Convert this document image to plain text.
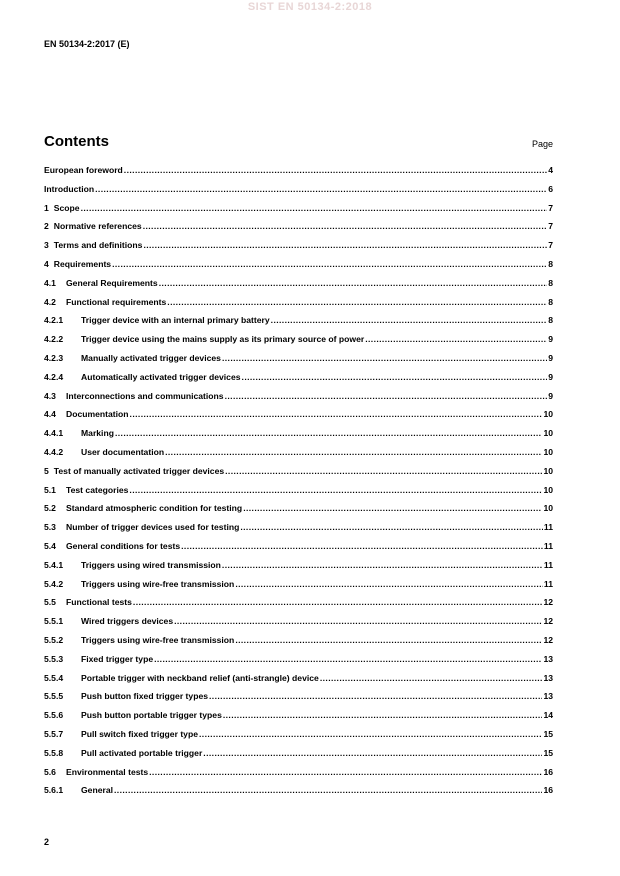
SIST EN 50134-2:2018
EN 50134-2:2017 (E)
Contents	Page
European foreword .....	4
Introduction .....	6
1 Scope .....	7
2 Normative references .....	7
3 Terms and definitions .....	7
4 Requirements .....	8
4.1	General Requirements .....	8
4.2	Functional requirements .....	8
4.2.1	Trigger device with an internal primary battery .....	8
4.2.2	Trigger device using the mains supply as its primary source of power .....	9
4.2.3	Manually activated trigger devices .....	9
4.2.4	Automatically activated trigger devices .....	9
4.3	Interconnections and communications .....	9
4.4	Documentation .....	10
4.4.1	Marking .....	10
4.4.2	User documentation .....	10
5 Test of manually activated trigger devices .....	10
5.1	Test categories .....	10
5.2	Standard atmospheric condition for testing .....	10
5.3	Number of trigger devices used for testing .....	11
5.4	General conditions for tests .....	11
5.4.1	Triggers using wired transmission .....	11
5.4.2	Triggers using wire-free transmission .....	11
5.5	Functional tests .....	12
5.5.1	Wired triggers devices .....	12
5.5.2	Triggers using wire-free transmission .....	12
5.5.3	Fixed trigger type .....	13
5.5.4	Portable trigger with neckband relief (anti-strangle) device .....	13
5.5.5	Push button fixed trigger types .....	13
5.5.6	Push button portable trigger types .....	14
5.5.7	Pull switch fixed trigger type .....	15
5.5.8	Pull activated portable trigger .....	15
5.6	Environmental tests .....	16
5.6.1	General .....	16
2
